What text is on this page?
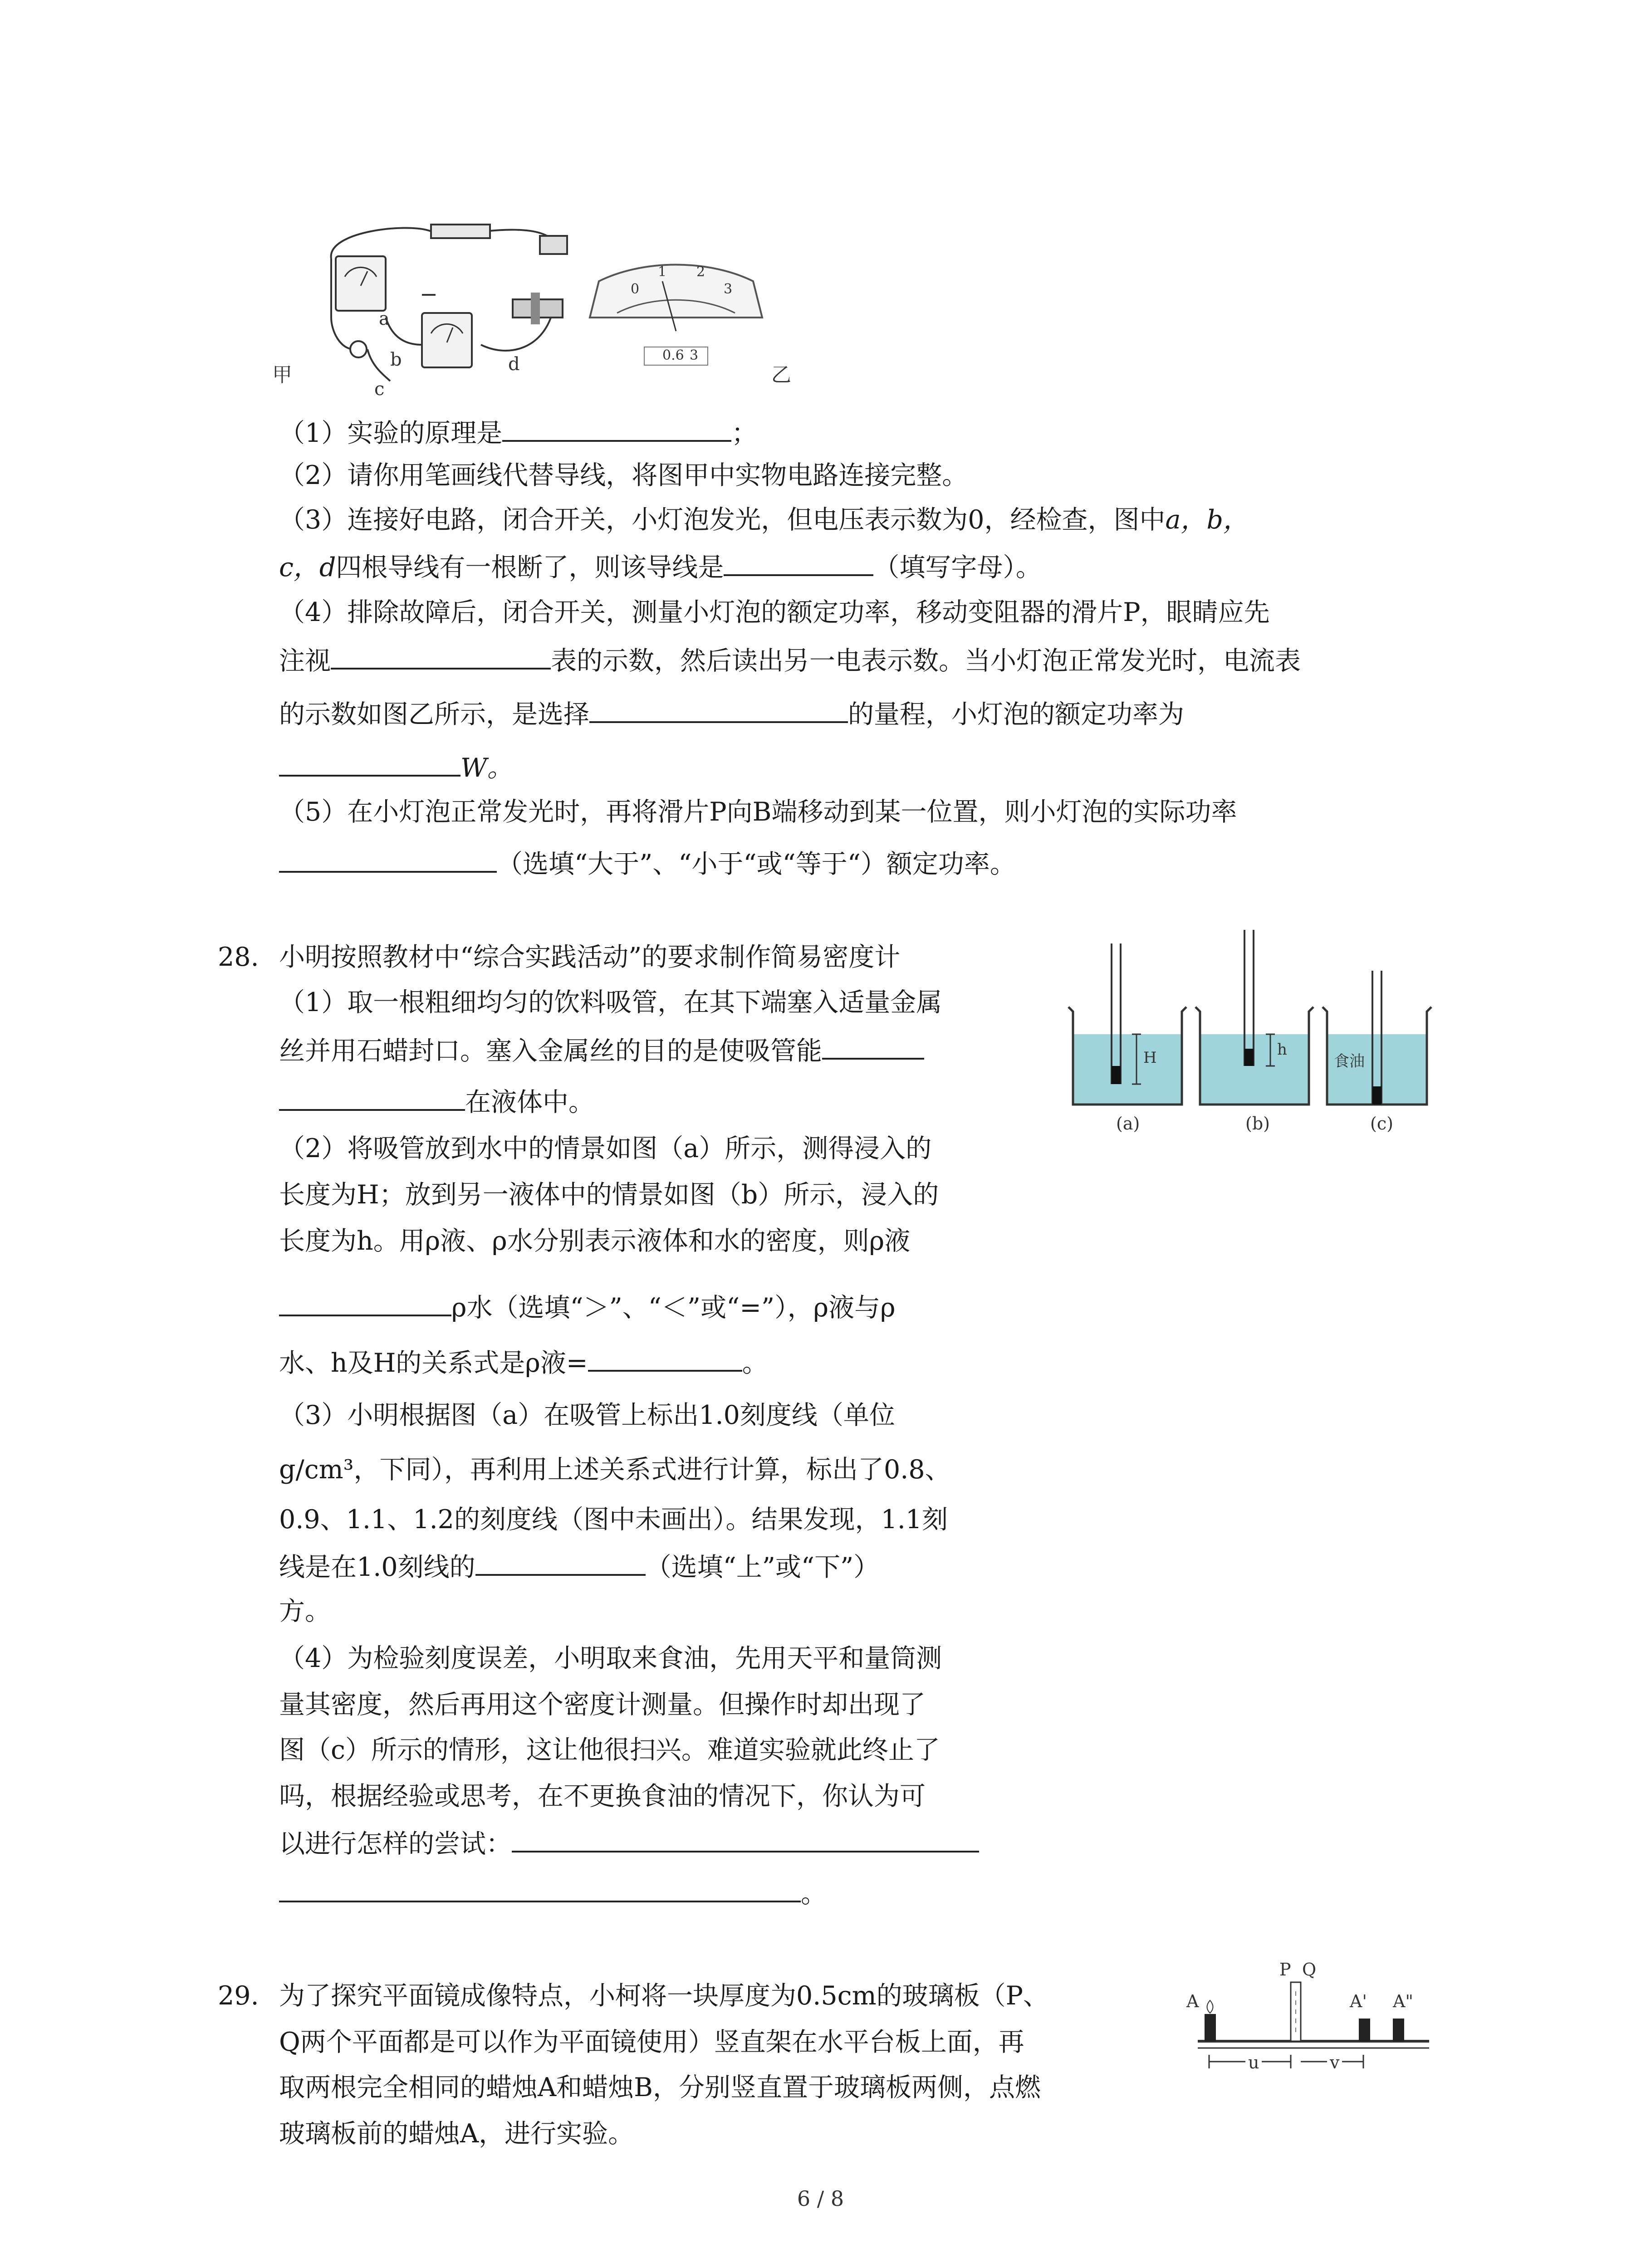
a
b
c
d
0
1 2
3
0.6 3
甲	乙
（1）实验的原理是	；
（2）请你用笔画线代替导线，将图甲中实物电路连接完整。
（3）连接好电路，闭合开关，小灯泡发光，但电压表示数为0，经检查，图中a，b，
c，d四根导线有一根断了，则该导线是	（填写字母）。
（4）排除故障后，闭合开关，测量小灯泡的额定功率，移动变阻器的滑片P，眼睛应先
注视	表的示数，然后读出另一电表示数。当小灯泡正常发光时，电流表
的示数如图乙所示，是选择	的量程，小灯泡的额定功率为
W。
（5）在小灯泡正常发光时，再将滑片P向B端移动到某一位置，则小灯泡的实际功率
（选填“大于”、“小于“或“等于“）额定功率。
28. 小明按照教材中“综合实践活动”的要求制作简易密度计
（1）取一根粗细均匀的饮料吸管，在其下端塞入适量金属
丝并用石蜡封口。塞入金属丝的目的是使吸管能
在液体中。
（2）将吸管放到水中的情景如图（a）所示，测得浸入的
长度为H；放到另一液体中的情景如图（b）所示，浸入的
长度为h。用ρ液、ρ水分别表示液体和水的密度，则ρ液
ρ水（选填“＞”、“＜”或“=”），ρ液与ρ
水、h及H的关系式是ρ液=	。
（3）小明根据图（a）在吸管上标出1.0刻度线（单位
g/cm³，下同），再利用上述关系式进行计算，标出了0.8、
0.9、1.1、1.2的刻度线（图中未画出）。结果发现，1.1刻
线是在1.0刻线的	（选填“上”或“下”）
方。
（4）为检验刻度误差，小明取来食油，先用天平和量筒测
量其密度，然后再用这个密度计测量。但操作时却出现了
图（c）所示的情形，这让他很扫兴。难道实验就此终止了
吗，根据经验或思考，在不更换食油的情况下，你认为可
以进行怎样的尝试：
。
H	h
食油
(a)	(b)	(c)
29. 为了探究平面镜成像特点，小柯将一块厚度为0.5cm的玻璃板（P、
Q两个平面都是可以作为平面镜使用）竖直架在水平台板上面，再
取两根完全相同的蜡烛A和蜡烛B，分别竖直置于玻璃板两侧，点燃
玻璃板前的蜡烛A，进行实验。
P Q
A	A' A"
u	v
6 / 8
